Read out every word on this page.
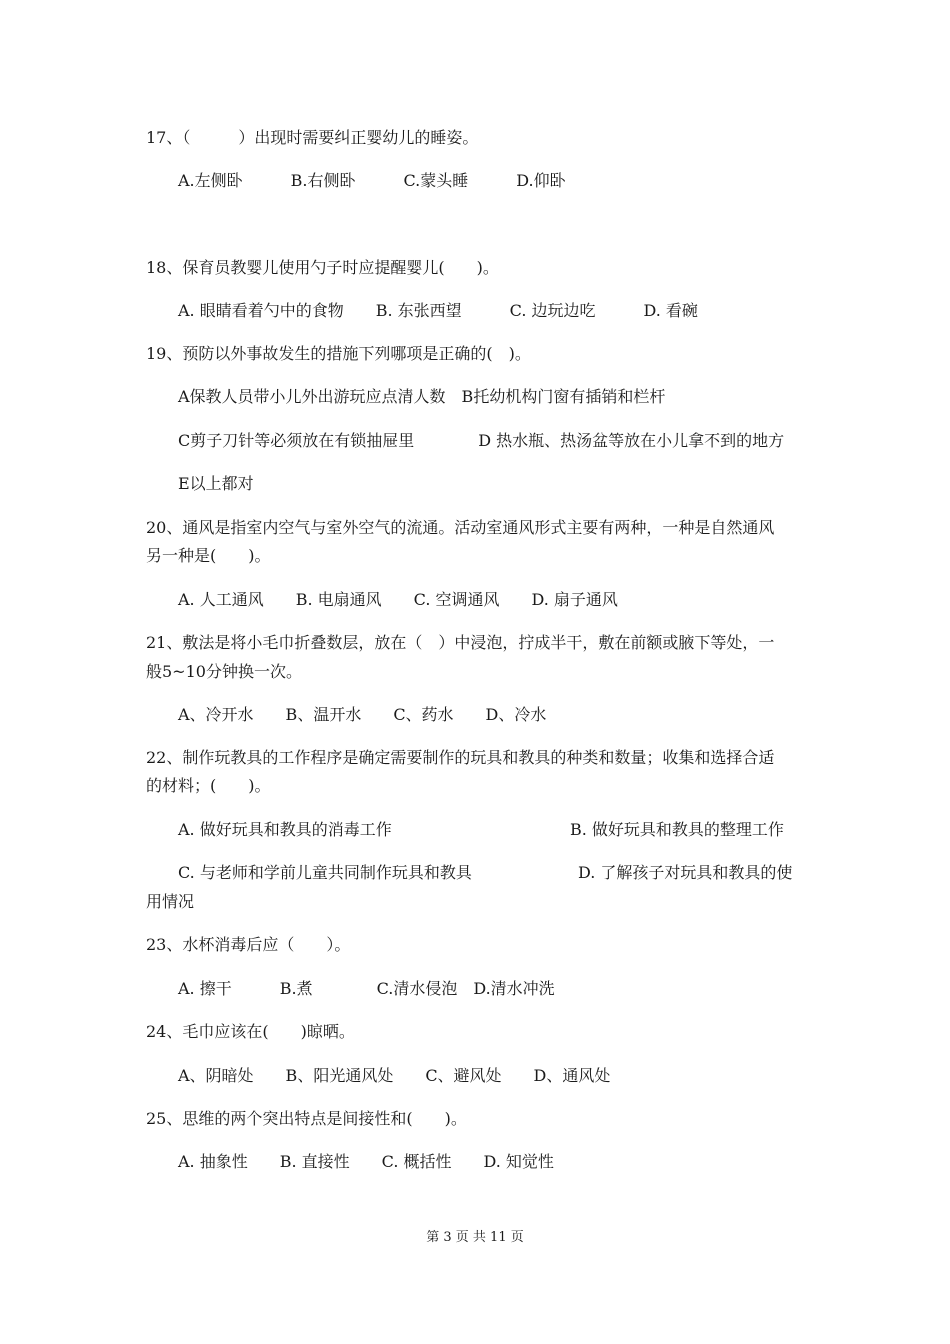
17、（　　　）出现时需要纠正婴幼儿的睡姿。
A.左侧卧　　　B.右侧卧　　　C.蒙头睡　　　D.仰卧
18、保育员教婴儿使用勺子时应提醒婴儿(　　)。
A. 眼睛看着勺中的食物　　B. 东张西望　　　C. 边玩边吃　　　D. 看碗
19、预防以外事故发生的措施下列哪项是正确的(　)。
A保教人员带小儿外出游玩应点清人数　B托幼机构门窗有插销和栏杆
C剪子刀针等必须放在有锁抽屉里　　　　D 热水瓶、热汤盆等放在小儿拿不到的地方
E以上都对
20、通风是指室内空气与室外空气的流通。活动室通风形式主要有两种，一种是自然通风
另一种是(　　)。
A. 人工通风　　B. 电扇通风　　C. 空调通风　　D. 扇子通风
21、敷法是将小毛巾折叠数层，放在（　）中浸泡，拧成半干，敷在前额或腋下等处，一
般5~10分钟换一次。
A、冷开水　　B、温开水　　C、药水　　D、冷水
22、制作玩教具的工作程序是确定需要制作的玩具和教具的种类和数量；收集和选择合适
的材料；(　　)。
A. 做好玩具和教具的消毒工作	B. 做好玩具和教具的整理工作
C. 与老师和学前儿童共同制作玩具和教具	D. 了解孩子对玩具和教具的使
用情况
23、水杯消毒后应（　　）。
A. 擦干　　　B.煮　　　　C.清水侵泡　D.清水冲洗
24、毛巾应该在(　　)晾晒。
A、阴暗处　　B、阳光通风处　　C、避风处　　D、通风处
25、思维的两个突出特点是间接性和(　　)。
A. 抽象性　　B. 直接性　　C. 概括性　　D. 知觉性
第 3 页 共 11 页
